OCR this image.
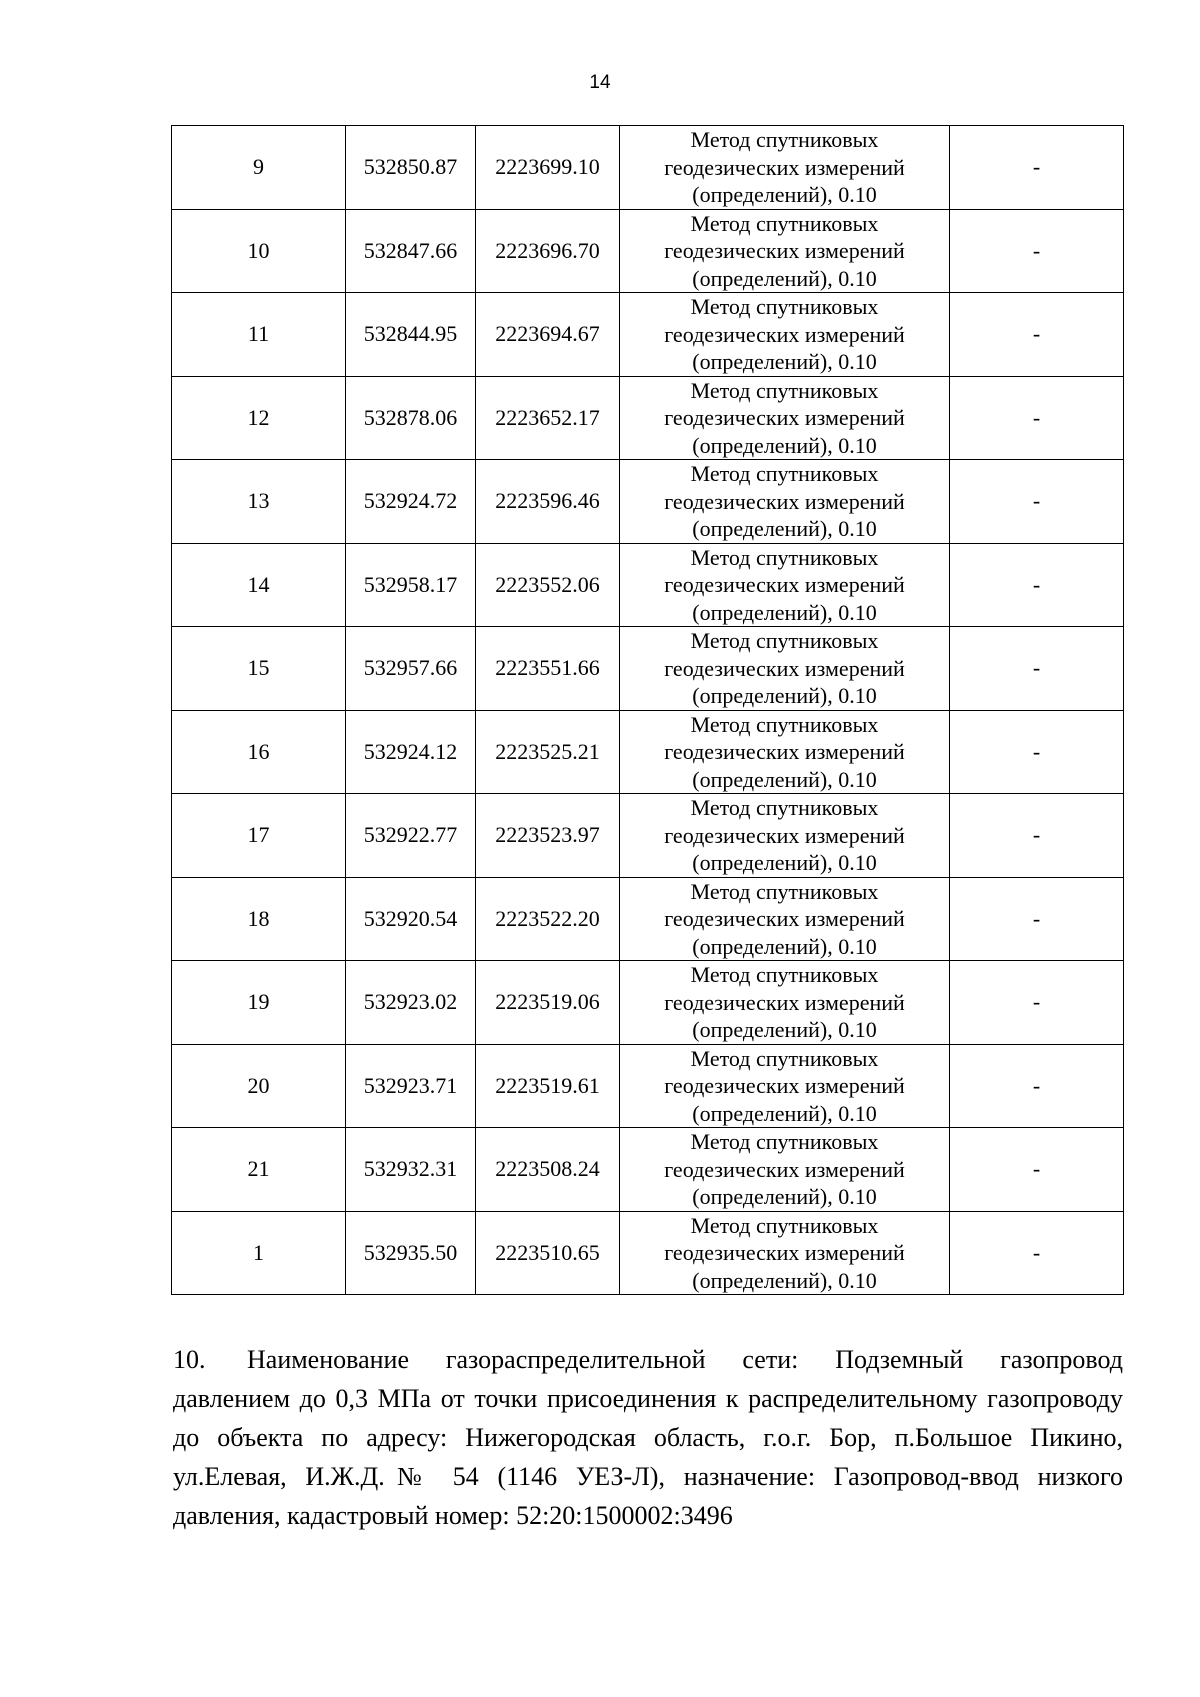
14
9	532850.87	2223699.10	Метод спутниковых
геодезических измерений
(определений), 0.10	-
10	532847.66	2223696.70	Метод спутниковых
геодезических измерений
(определений), 0.10	-
11	532844.95	2223694.67	Метод спутниковых
геодезических измерений
(определений), 0.10	-
12	532878.06	2223652.17	Метод спутниковых
геодезических измерений
(определений), 0.10	-
13	532924.72	2223596.46	Метод спутниковых
геодезических измерений
(определений), 0.10	-
14	532958.17	2223552.06	Метод спутниковых
геодезических измерений
(определений), 0.10	-
15	532957.66	2223551.66	Метод спутниковых
геодезических измерений
(определений), 0.10	-
16	532924.12	2223525.21	Метод спутниковых
геодезических измерений
(определений), 0.10	-
17	532922.77	2223523.97	Метод спутниковых
геодезических измерений
(определений), 0.10	-
18	532920.54	2223522.20	Метод спутниковых
геодезических измерений
(определений), 0.10	-
19	532923.02	2223519.06	Метод спутниковых
геодезических измерений
(определений), 0.10	-
20	532923.71	2223519.61	Метод спутниковых
геодезических измерений
(определений), 0.10	-
21	532932.31	2223508.24	Метод спутниковых
геодезических измерений
(определений), 0.10	-
1	532935.50	2223510.65	Метод спутниковых
геодезических измерений
(определений), 0.10	-
10. Наименование газораспределительной сети: Подземный газопровод давлением до 0,3 МПа от точки присоединения к распределительному газопроводу до объекта по адресу: Нижегородская область, г.о.г. Бор, п.Большое Пикино, ул.Елевая, И.Ж.Д.№ 54 (1146 УЕЗ-Л), назначение: Газопровод-ввод низкого давления, кадастровый номер: 52:20:1500002:3496
